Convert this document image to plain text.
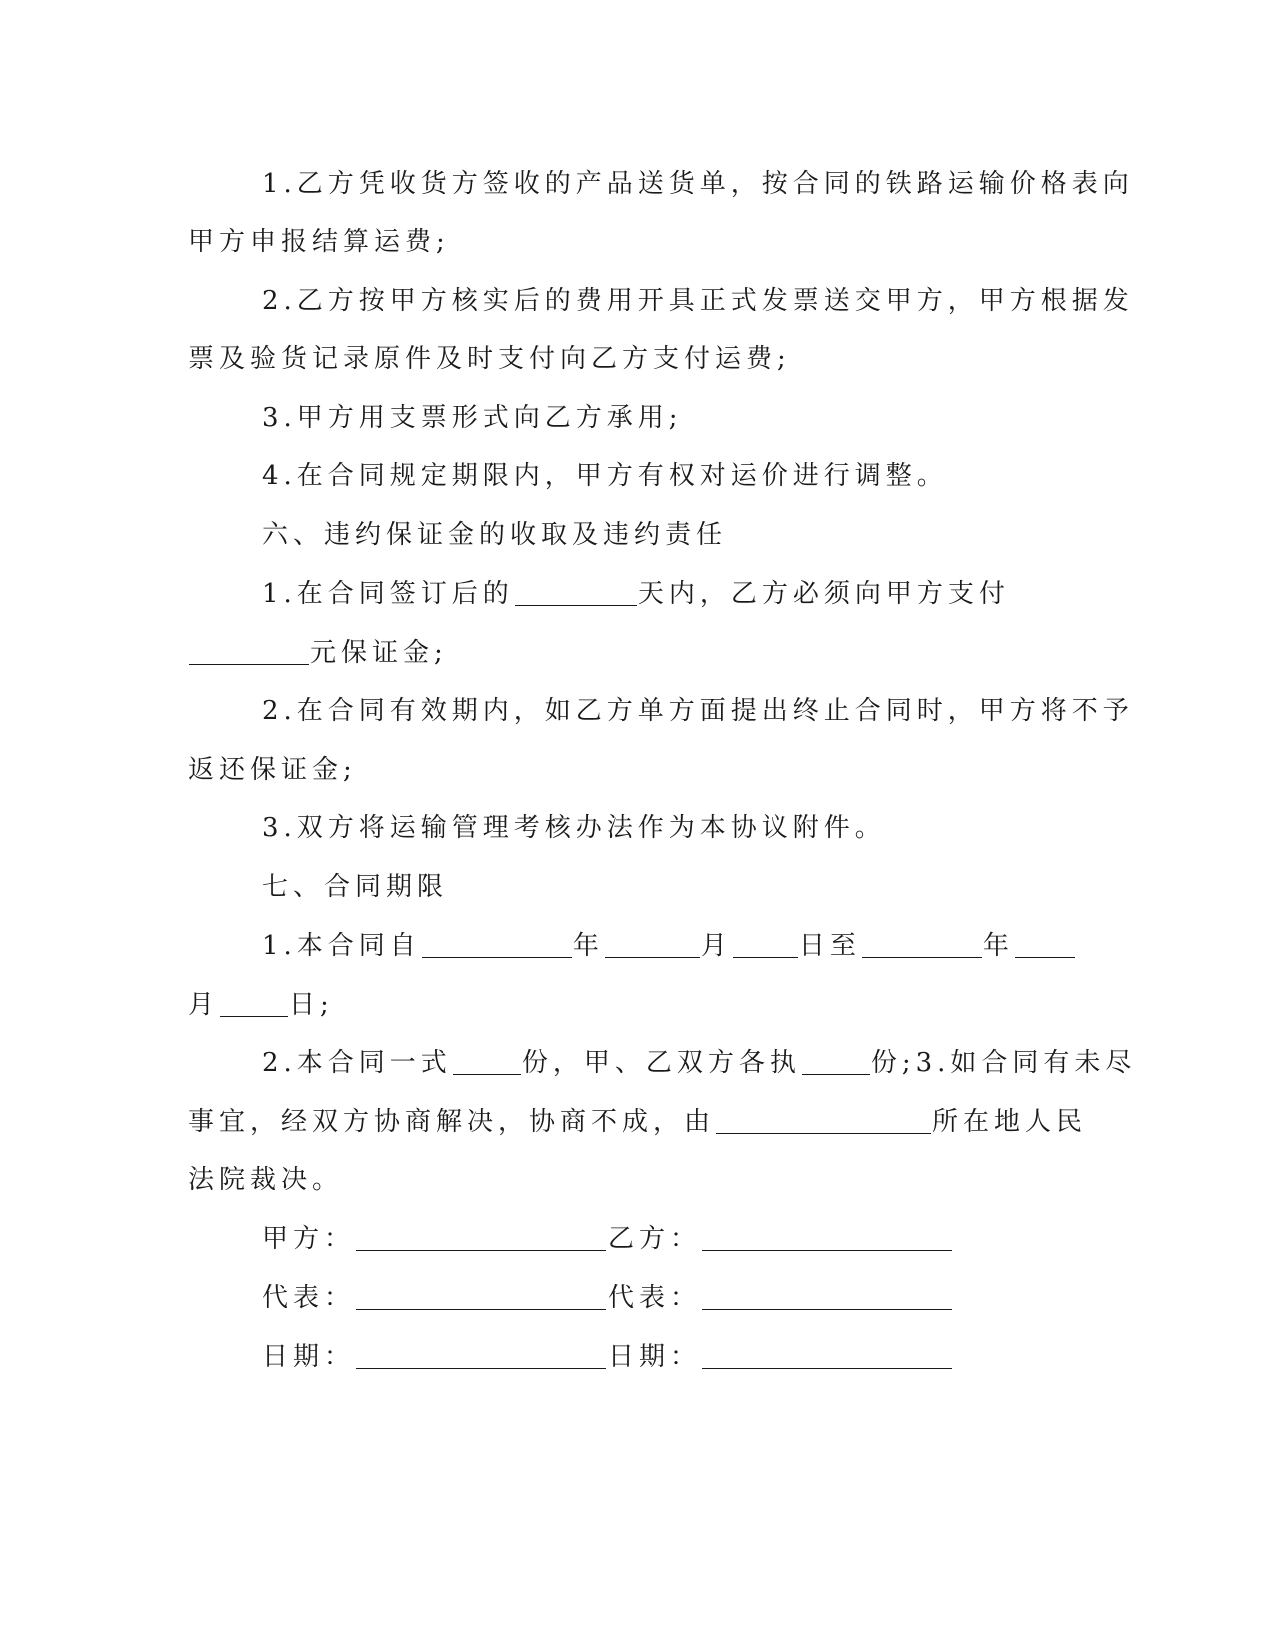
1.乙方凭收货方签收的产品送货单，按合同的铁路运输价格表向
甲方申报结算运费;
2.乙方按甲方核实后的费用开具正式发票送交甲方，甲方根据发
票及验货记录原件及时支付向乙方支付运费;
3.甲方用支票形式向乙方承用;
4.在合同规定期限内，甲方有权对运价进行调整。
六、违约保证金的收取及违约责任
1.在合同签订后的	天内，乙方必须向甲方支付
元保证金;
2.在合同有效期内，如乙方单方面提出终止合同时，甲方将不予
返还保证金;
3.双方将运输管理考核办法作为本协议附件。
七、合同期限
1.本合同自	年	月	日至	年
月	日;
2.本合同一式	份，甲、乙双方各执	份;3.如合同有未尽
事宜，经双方协商解决，协商不成，由	所在地人民
法院裁决。
甲方：	乙方：
代表：	代表：
日期：	日期：
